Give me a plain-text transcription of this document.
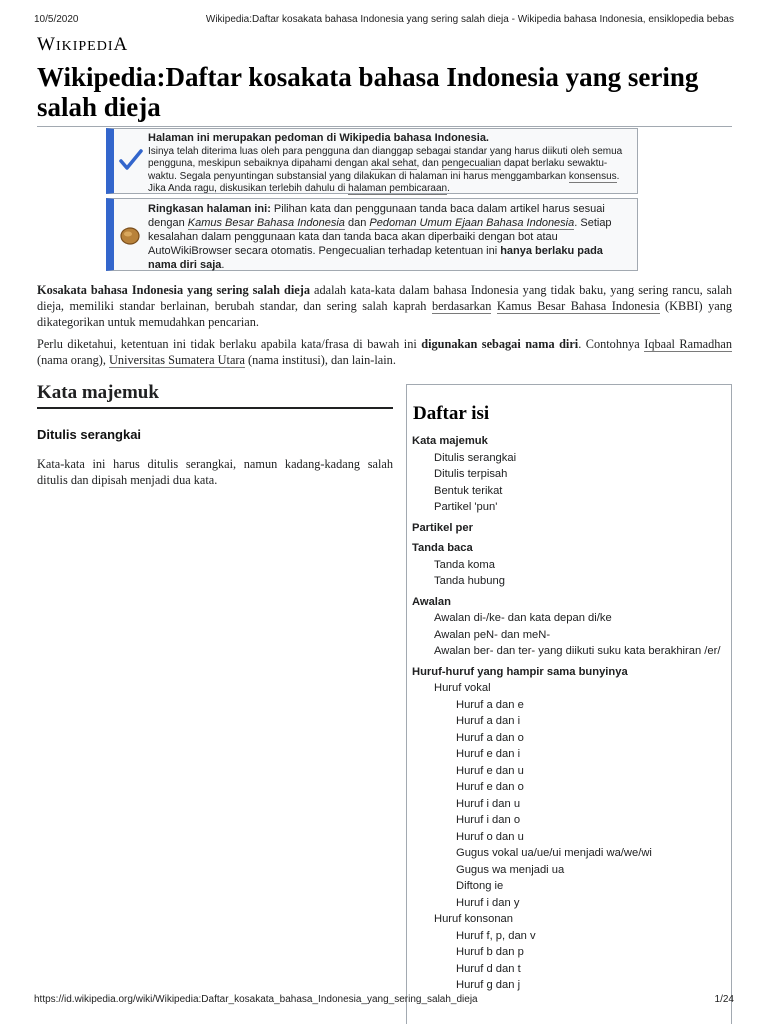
10/5/2020	Wikipedia:Daftar kosakata bahasa Indonesia yang sering salah dieja - Wikipedia bahasa Indonesia, ensiklopedia bebas
WIKIPEDIA
Wikipedia:Daftar kosakata bahasa Indonesia yang sering salah dieja
Halaman ini merupakan pedoman di Wikipedia bahasa Indonesia.
Isinya telah diterima luas oleh para pengguna dan dianggap sebagai standar yang harus diikuti oleh semua pengguna, meskipun sebaiknya dipahami dengan akal sehat, dan pengecualian dapat berlaku sewaktu-waktu. Segala penyuntingan substansial yang dilakukan di halaman ini harus menggambarkan konsensus. Jika Anda ragu, diskusikan terlebih dahulu di halaman pembicaraan.
Ringkasan halaman ini: Pilihan kata dan penggunaan tanda baca dalam artikel harus sesuai dengan Kamus Besar Bahasa Indonesia dan Pedoman Umum Ejaan Bahasa Indonesia. Setiap kesalahan dalam penggunaan kata dan tanda baca akan diperbaiki dengan bot atau AutoWikiBrowser secara otomatis. Pengecualian terhadap ketentuan ini hanya berlaku pada nama diri saja.
Kosakata bahasa Indonesia yang sering salah dieja adalah kata-kata dalam bahasa Indonesia yang tidak baku, yang sering rancu, salah dieja, memiliki standar berlainan, berubah standar, dan sering salah kaprah berdasarkan Kamus Besar Bahasa Indonesia (KBBI) yang dikategorikan untuk memudahkan pencarian.
Perlu diketahui, ketentuan ini tidak berlaku apabila kata/frasa di bawah ini digunakan sebagai nama diri. Contohnya Iqbaal Ramadhan (nama orang), Universitas Sumatera Utara (nama institusi), dan lain-lain.
Kata majemuk
Ditulis serangkai
Kata-kata ini harus ditulis serangkai, namun kadang-kadang salah ditulis dan dipisah menjadi dua kata.
Daftar isi
Kata majemuk
Ditulis serangkai
Ditulis terpisah
Bentuk terikat
Partikel 'pun'
Partikel per
Tanda baca
Tanda koma
Tanda hubung
Awalan
Awalan di-/ke- dan kata depan di/ke
Awalan peN- dan meN-
Awalan ber- dan ter- yang diikuti suku kata berakhiran /er/
Huruf-huruf yang hampir sama bunyinya
Huruf vokal
Huruf a dan e
Huruf a dan i
Huruf a dan o
Huruf e dan i
Huruf e dan u
Huruf e dan o
Huruf i dan u
Huruf i dan o
Huruf o dan u
Gugus vokal ua/ue/ui menjadi wa/we/wi
Gugus wa menjadi ua
Diftong ie
Huruf i dan y
Huruf konsonan
Huruf f, p, dan v
Huruf b dan p
Huruf d dan t
Huruf g dan j
https://id.wikipedia.org/wiki/Wikipedia:Daftar_kosakata_bahasa_Indonesia_yang_sering_salah_dieja	1/24
